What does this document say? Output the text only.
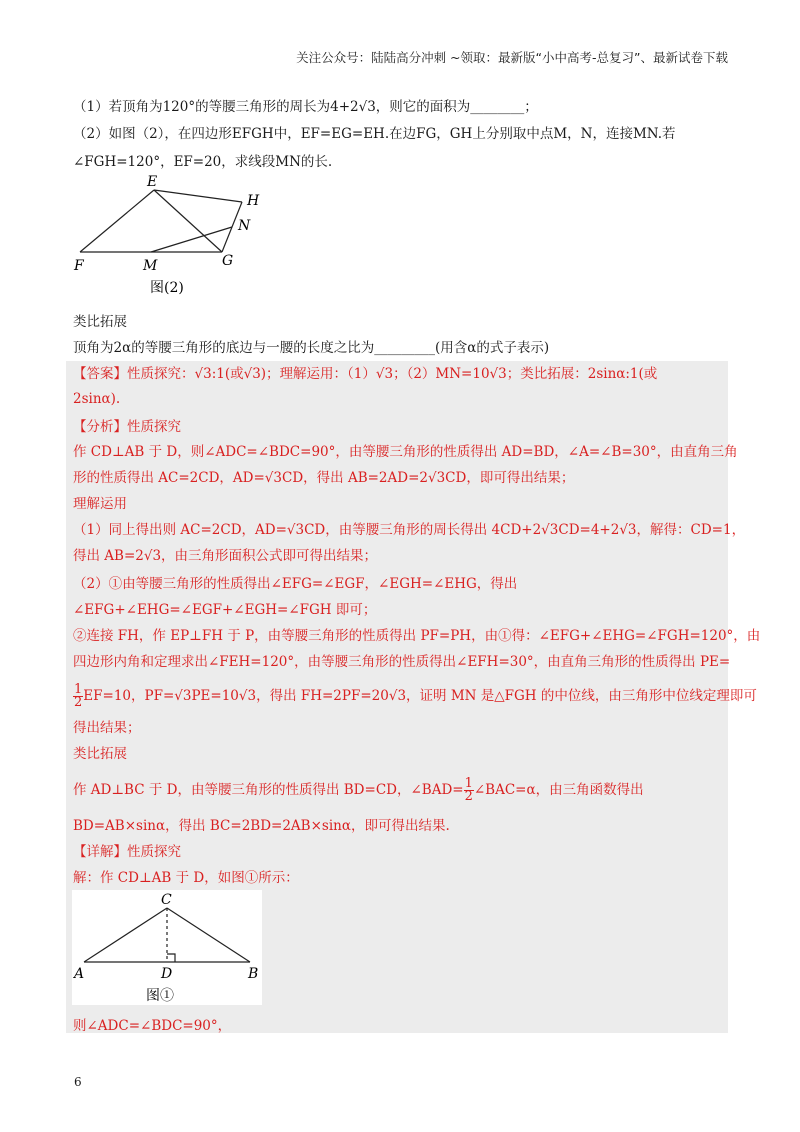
关注公众号：陆陆高分冲刺 ~领取：最新版“小中高考-总复习”、最新试卷下载
（1）若顶角为120°的等腰三角形的周长为4+2√3，则它的面积为________；
（2）如图（2），在四边形EFGH中，EF=EG=EH.在边FG，GH上分别取中点M，N，连接MN.若
∠FGH=120°，EF=20，求线段MN的长.
E
H
N
F	M	G
图(2)
类比拓展
顶角为2α的等腰三角形的底边与一腰的长度之比为_________(用含α的式子表示)
【答案】性质探究：√3:1(或√3)；理解运用：（1）√3；（2）MN=10√3；类比拓展：2sinα:1(或
2sinα).
【分析】性质探究
作 CD⊥AB 于 D，则∠ADC=∠BDC=90°，由等腰三角形的性质得出 AD=BD，∠A=∠B=30°，由直角三角
形的性质得出 AC=2CD，AD=√3CD，得出 AB=2AD=2√3CD，即可得出结果；
理解运用
（1）同上得出则 AC=2CD，AD=√3CD，由等腰三角形的周长得出 4CD+2√3CD=4+2√3，解得：CD=1，
得出 AB=2√3，由三角形面积公式即可得出结果；
（2）①由等腰三角形的性质得出∠EFG=∠EGF，∠EGH=∠EHG，得出
∠EFG+∠EHG=∠EGF+∠EGH=∠FGH 即可；
②连接 FH，作 EP⊥FH 于 P，由等腰三角形的性质得出 PF=PH，由①得：∠EFG+∠EHG=∠FGH=120°，由
四边形内角和定理求出∠FEH=120°，由等腰三角形的性质得出∠EFH=30°，由直角三角形的性质得出 PE=
$\frac{1}{2} EF=10$，PF=√3PE=10√3，得出 FH=2PF=20√3，证明 MN 是△FGH 的中位线，由三角形中位线定理即可
得出结果；
类比拓展
作 AD⊥BC 于 D，由等腰三角形的性质得出 BD=CD，∠BAD= $\frac{1}{2}$ ∠BAC=α，由三角函数得出
BD=AB×sinα，得出 BC=2BD=2AB×sinα，即可得出结果.
【详解】性质探究
解：作 CD⊥AB 于 D，如图①所示：
C
A	D	B
图①
则∠ADC=∠BDC=90°，
6
